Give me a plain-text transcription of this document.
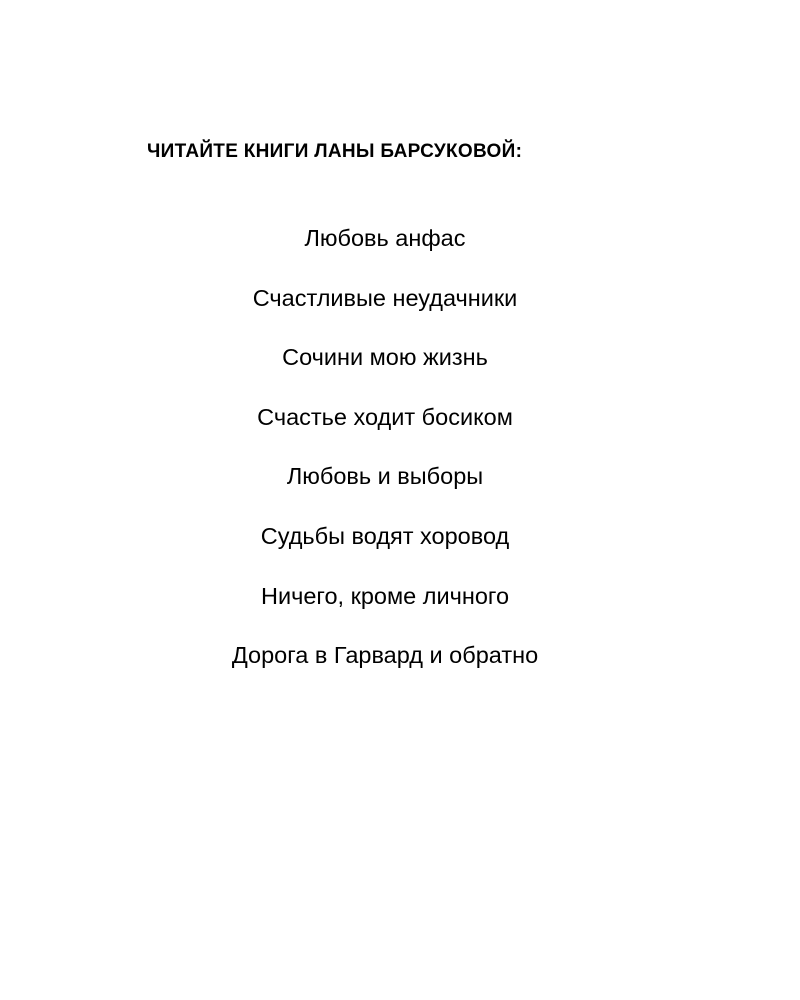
ЧИТАЙТЕ КНИГИ ЛАНЫ БАРСУКОВОЙ:
Любовь анфас
Счастливые неудачники
Сочини мою жизнь
Счастье ходит босиком
Любовь и выборы
Судьбы водят хоровод
Ничего, кроме личного
Дорога в Гарвард и обратно
